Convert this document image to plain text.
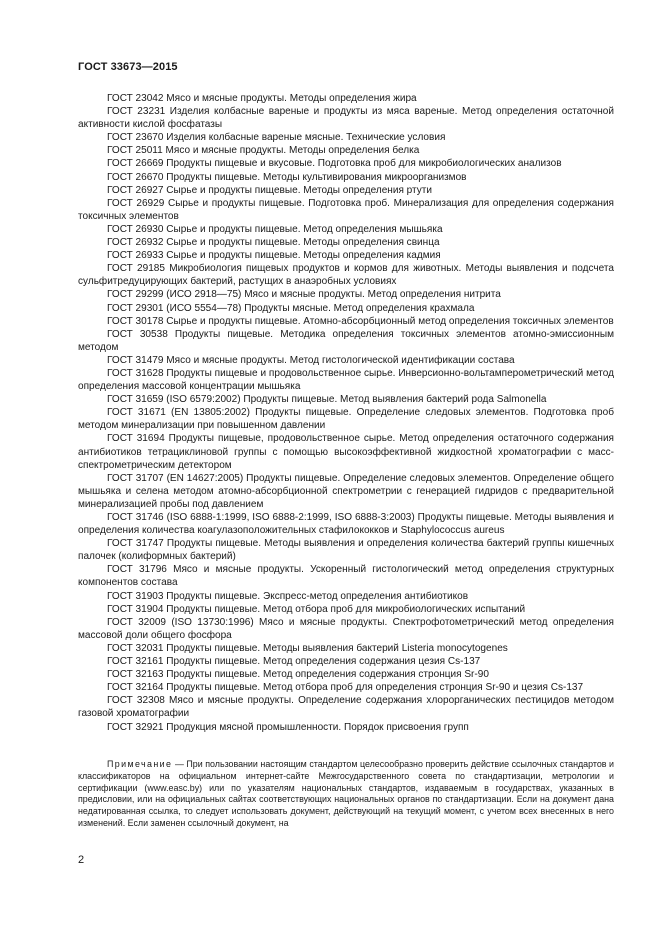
ГОСТ 33673—2015

ГОСТ 23042 Мясо и мясные продукты. Методы определения жира

ГОСТ 23231 Изделия колбасные вареные и продукты из мяса вареные. Метод определения остаточной активности кислой фосфатазы

ГОСТ 23670 Изделия колбасные вареные мясные. Технические условия

ГОСТ 25011 Мясо и мясные продукты. Методы определения белка

ГОСТ 26669 Продукты пищевые и вкусовые. Подготовка проб для микробиологических анализов

ГОСТ 26670 Продукты пищевые. Методы культивирования микроорганизмов

ГОСТ 26927 Сырье и продукты пищевые. Методы определения ртути

ГОСТ 26929 Сырье и продукты пищевые. Подготовка проб. Минерализация для определения содержания токсичных элементов

ГОСТ 26930 Сырье и продукты пищевые. Метод определения мышьяка

ГОСТ 26932 Сырье и продукты пищевые. Методы определения свинца

ГОСТ 26933 Сырье и продукты пищевые. Методы определения кадмия

ГОСТ 29185 Микробиология пищевых продуктов и кормов для животных. Методы выявления и подсчета сульфитредуцирующих бактерий, растущих в анаэробных условиях

ГОСТ 29299 (ИСО 2918—75) Мясо и мясные продукты. Метод определения нитрита

ГОСТ 29301 (ИСО 5554—78) Продукты мясные. Метод определения крахмала

ГОСТ 30178 Сырье и продукты пищевые. Атомно-абсорбционный метод определения токсичных элементов

ГОСТ 30538 Продукты пищевые. Методика определения токсичных элементов атомно-эмиссионным методом

ГОСТ 31479 Мясо и мясные продукты. Метод гистологической идентификации состава

ГОСТ 31628 Продукты пищевые и продовольственное сырье. Инверсионно-вольтамперометрический метод определения массовой концентрации мышьяка

ГОСТ 31659 (ISO 6579:2002) Продукты пищевые. Метод выявления бактерий рода Salmonella

ГОСТ 31671 (EN 13805:2002) Продукты пищевые. Определение следовых элементов. Подготовка проб методом минерализации при повышенном давлении

ГОСТ 31694 Продукты пищевые, продовольственное сырье. Метод определения остаточного содержания антибиотиков тетрациклиновой группы с помощью высокоэффективной жидкостной хроматографии с масс-спектрометрическим детектором

ГОСТ 31707 (EN 14627:2005) Продукты пищевые. Определение следовых элементов. Определение общего мышьяка и селена методом атомно-абсорбционной спектрометрии с генерацией гидридов с предварительной минерализацией пробы под давлением

ГОСТ 31746 (ISO 6888-1:1999, ISO 6888-2:1999, ISO 6888-3:2003) Продукты пищевые. Методы выявления и определения количества коагулазоположительных стафилококков и Staphylococcus aureus

ГОСТ 31747 Продукты пищевые. Методы выявления и определения количества бактерий группы кишечных палочек (колиформных бактерий)

ГОСТ 31796 Мясо и мясные продукты. Ускоренный гистологический метод определения структурных компонентов состава

ГОСТ 31903 Продукты пищевые. Экспресс-метод определения антибиотиков

ГОСТ 31904 Продукты пищевые. Метод отбора проб для микробиологических испытаний

ГОСТ 32009 (ISO 13730:1996) Мясо и мясные продукты. Спектрофотометрический метод определения массовой доли общего фосфора

ГОСТ 32031 Продукты пищевые. Методы выявления бактерий Listeria monocytogenes

ГОСТ 32161 Продукты пищевые. Метод определения содержания цезия Cs-137

ГОСТ 32163 Продукты пищевые. Метод определения содержания стронция Sr-90

ГОСТ 32164 Продукты пищевые. Метод отбора проб для определения стронция Sr-90 и цезия Cs-137

ГОСТ 32308 Мясо и мясные продукты. Определение содержания хлорорганических пестицидов методом газовой хроматографии

ГОСТ 32921 Продукция мясной промышленности. Порядок присвоения групп

Примечание — При пользовании настоящим стандартом целесообразно проверить действие ссылочных стандартов и классификаторов на официальном интернет-сайте Межгосударственного совета по стандартизации, метрологии и сертификации (www.easc.by) или по указателям национальных стандартов, издаваемым в государствах, указанных в предисловии, или на официальных сайтах соответствующих национальных органов по стандартизации. Если на документ дана недатированная ссылка, то следует использовать документ, действующий на текущий момент, с учетом всех внесенных в него изменений. Если заменен ссылочный документ, на

2
